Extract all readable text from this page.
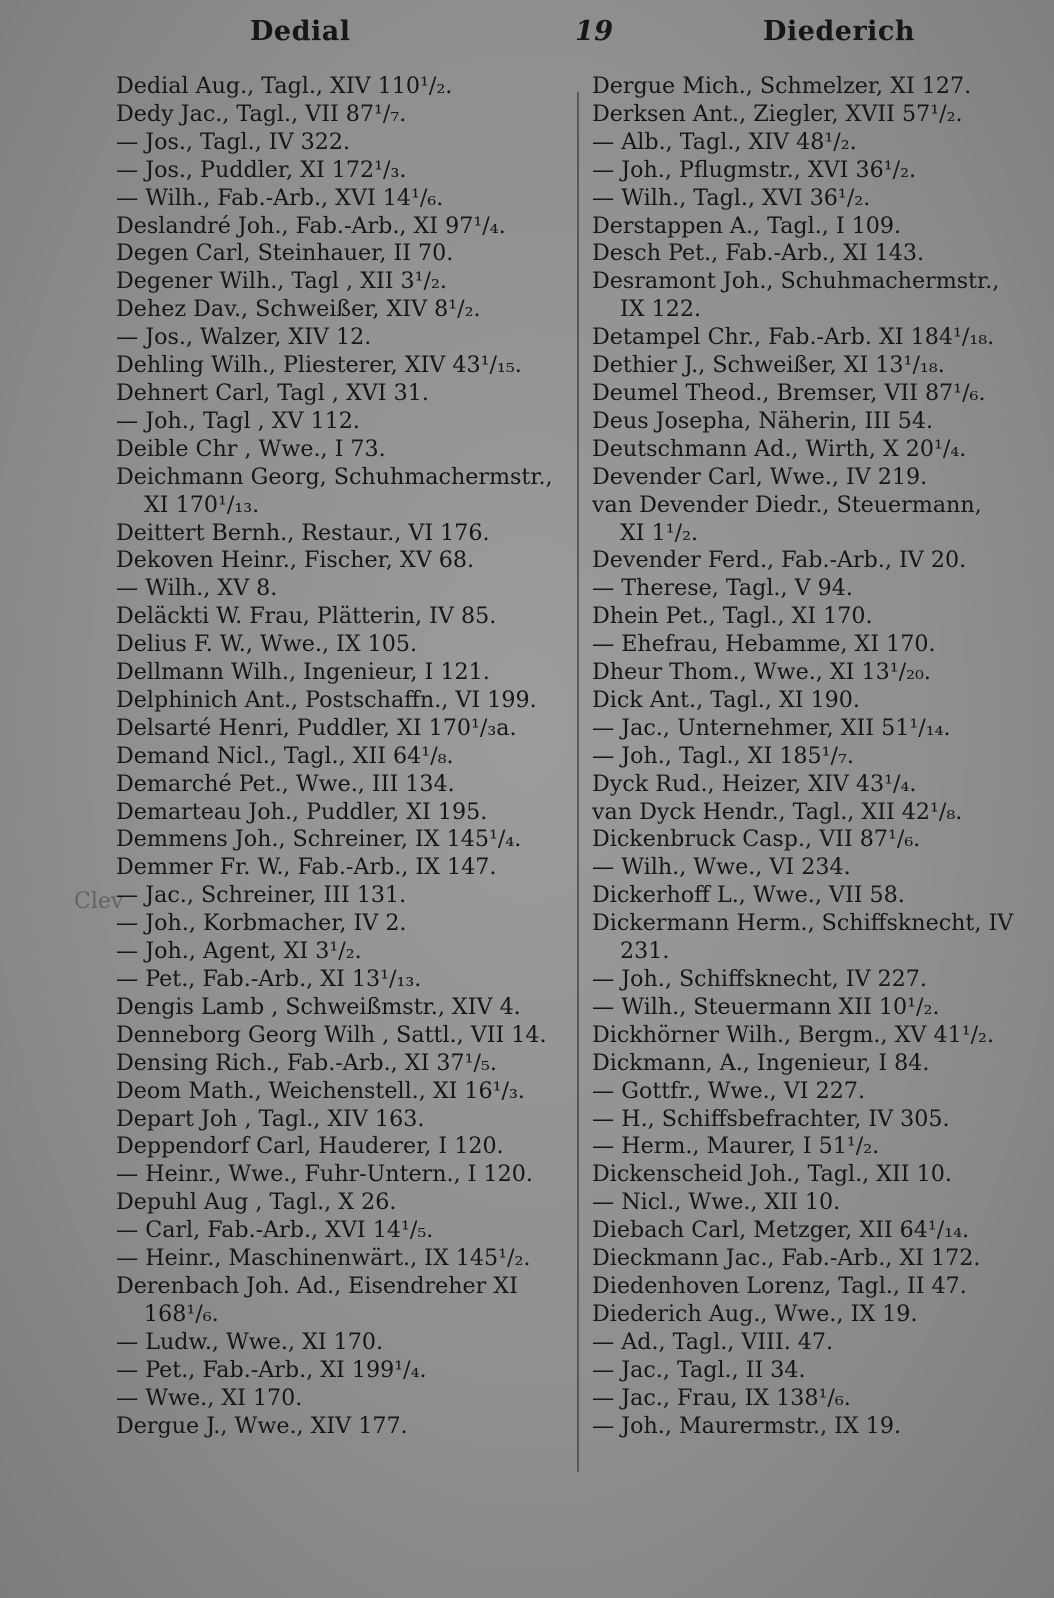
Dedial	19	Diederich
Clev
Dedial Aug., Tagl., XIV 110¹/₂.
Dedy Jac., Tagl., VII 87¹/₇.
— Jos., Tagl., IV 322.
— Jos., Puddler, XI 172¹/₃.
— Wilh., Fab.-Arb., XVI 14¹/₆.
Deslandré Joh., Fab.-Arb., XI 97¹/₄.
Degen Carl, Steinhauer, II 70.
Degener Wilh., Tagl , XII 3¹/₂.
Dehez Dav., Schweißer, XIV 8¹/₂.
— Jos., Walzer, XIV 12.
Dehling Wilh., Pliesterer, XIV 43¹/₁₅.
Dehnert Carl, Tagl , XVI 31.
— Joh., Tagl , XV 112.
Deible Chr , Wwe., I 73.
Deichmann Georg, Schuhmachermstr.,
XI 170¹/₁₃.
Deittert Bernh., Restaur., VI 176.
Dekoven Heinr., Fischer, XV 68.
— Wilh., XV 8.
Deläckti W. Frau, Plätterin, IV 85.
Delius F. W., Wwe., IX 105.
Dellmann Wilh., Ingenieur, I 121.
Delphinich Ant., Postschaffn., VI 199.
Delsarté Henri, Puddler, XI 170¹/₃a.
Demand Nicl., Tagl., XII 64¹/₈.
Demarché Pet., Wwe., III 134.
Demarteau Joh., Puddler, XI 195.
Demmens Joh., Schreiner, IX 145¹/₄.
Demmer Fr. W., Fab.-Arb., IX 147.
— Jac., Schreiner, III 131.
— Joh., Korbmacher, IV 2.
— Joh., Agent, XI 3¹/₂.
— Pet., Fab.-Arb., XI 13¹/₁₃.
Dengis Lamb , Schweißmstr., XIV 4.
Denneborg Georg Wilh , Sattl., VII 14.
Densing Rich., Fab.-Arb., XI 37¹/₅.
Deom Math., Weichenstell., XI 16¹/₃.
Depart Joh , Tagl., XIV 163.
Deppendorf Carl, Hauderer, I 120.
— Heinr., Wwe., Fuhr-Untern., I 120.
Depuhl Aug , Tagl., X 26.
— Carl, Fab.-Arb., XVI 14¹/₅.
— Heinr., Maschinenwärt., IX 145¹/₂.
Derenbach Joh. Ad., Eisendreher XI
168¹/₆.
— Ludw., Wwe., XI 170.
— Pet., Fab.-Arb., XI 199¹/₄.
— Wwe., XI 170.
Dergue J., Wwe., XIV 177.
Dergue Mich., Schmelzer, XI 127.
Derksen Ant., Ziegler, XVII 57¹/₂.
— Alb., Tagl., XIV 48¹/₂.
— Joh., Pflugmstr., XVI 36¹/₂.
— Wilh., Tagl., XVI 36¹/₂.
Derstappen A., Tagl., I 109.
Desch Pet., Fab.-Arb., XI 143.
Desramont Joh., Schuhmachermstr.,
IX 122.
Detampel Chr., Fab.-Arb. XI 184¹/₁₈.
Dethier J., Schweißer, XI 13¹/₁₈.
Deumel Theod., Bremser, VII 87¹/₆.
Deus Josepha, Näherin, III 54.
Deutschmann Ad., Wirth, X 20¹/₄.
Devender Carl, Wwe., IV 219.
van Devender Diedr., Steuermann,
XI 1¹/₂.
Devender Ferd., Fab.-Arb., IV 20.
— Therese, Tagl., V 94.
Dhein Pet., Tagl., XI 170.
— Ehefrau, Hebamme, XI 170.
Dheur Thom., Wwe., XI 13¹/₂₀.
Dick Ant., Tagl., XI 190.
— Jac., Unternehmer, XII 51¹/₁₄.
— Joh., Tagl., XI 185¹/₇.
Dyck Rud., Heizer, XIV 43¹/₄.
van Dyck Hendr., Tagl., XII 42¹/₈.
Dickenbruck Casp., VII 87¹/₆.
— Wilh., Wwe., VI 234.
Dickerhoff L., Wwe., VII 58.
Dickermann Herm., Schiffsknecht, IV
231.
— Joh., Schiffsknecht, IV 227.
— Wilh., Steuermann XII 10¹/₂.
Dickhörner Wilh., Bergm., XV 41¹/₂.
Dickmann, A., Ingenieur, I 84.
— Gottfr., Wwe., VI 227.
— H., Schiffsbefrachter, IV 305.
— Herm., Maurer, I 51¹/₂.
Dickenscheid Joh., Tagl., XII 10.
— Nicl., Wwe., XII 10.
Diebach Carl, Metzger, XII 64¹/₁₄.
Dieckmann Jac., Fab.-Arb., XI 172.
Diedenhoven Lorenz, Tagl., II 47.
Diederich Aug., Wwe., IX 19.
— Ad., Tagl., VIII. 47.
— Jac., Tagl., II 34.
— Jac., Frau, IX 138¹/₆.
— Joh., Maurermstr., IX 19.
